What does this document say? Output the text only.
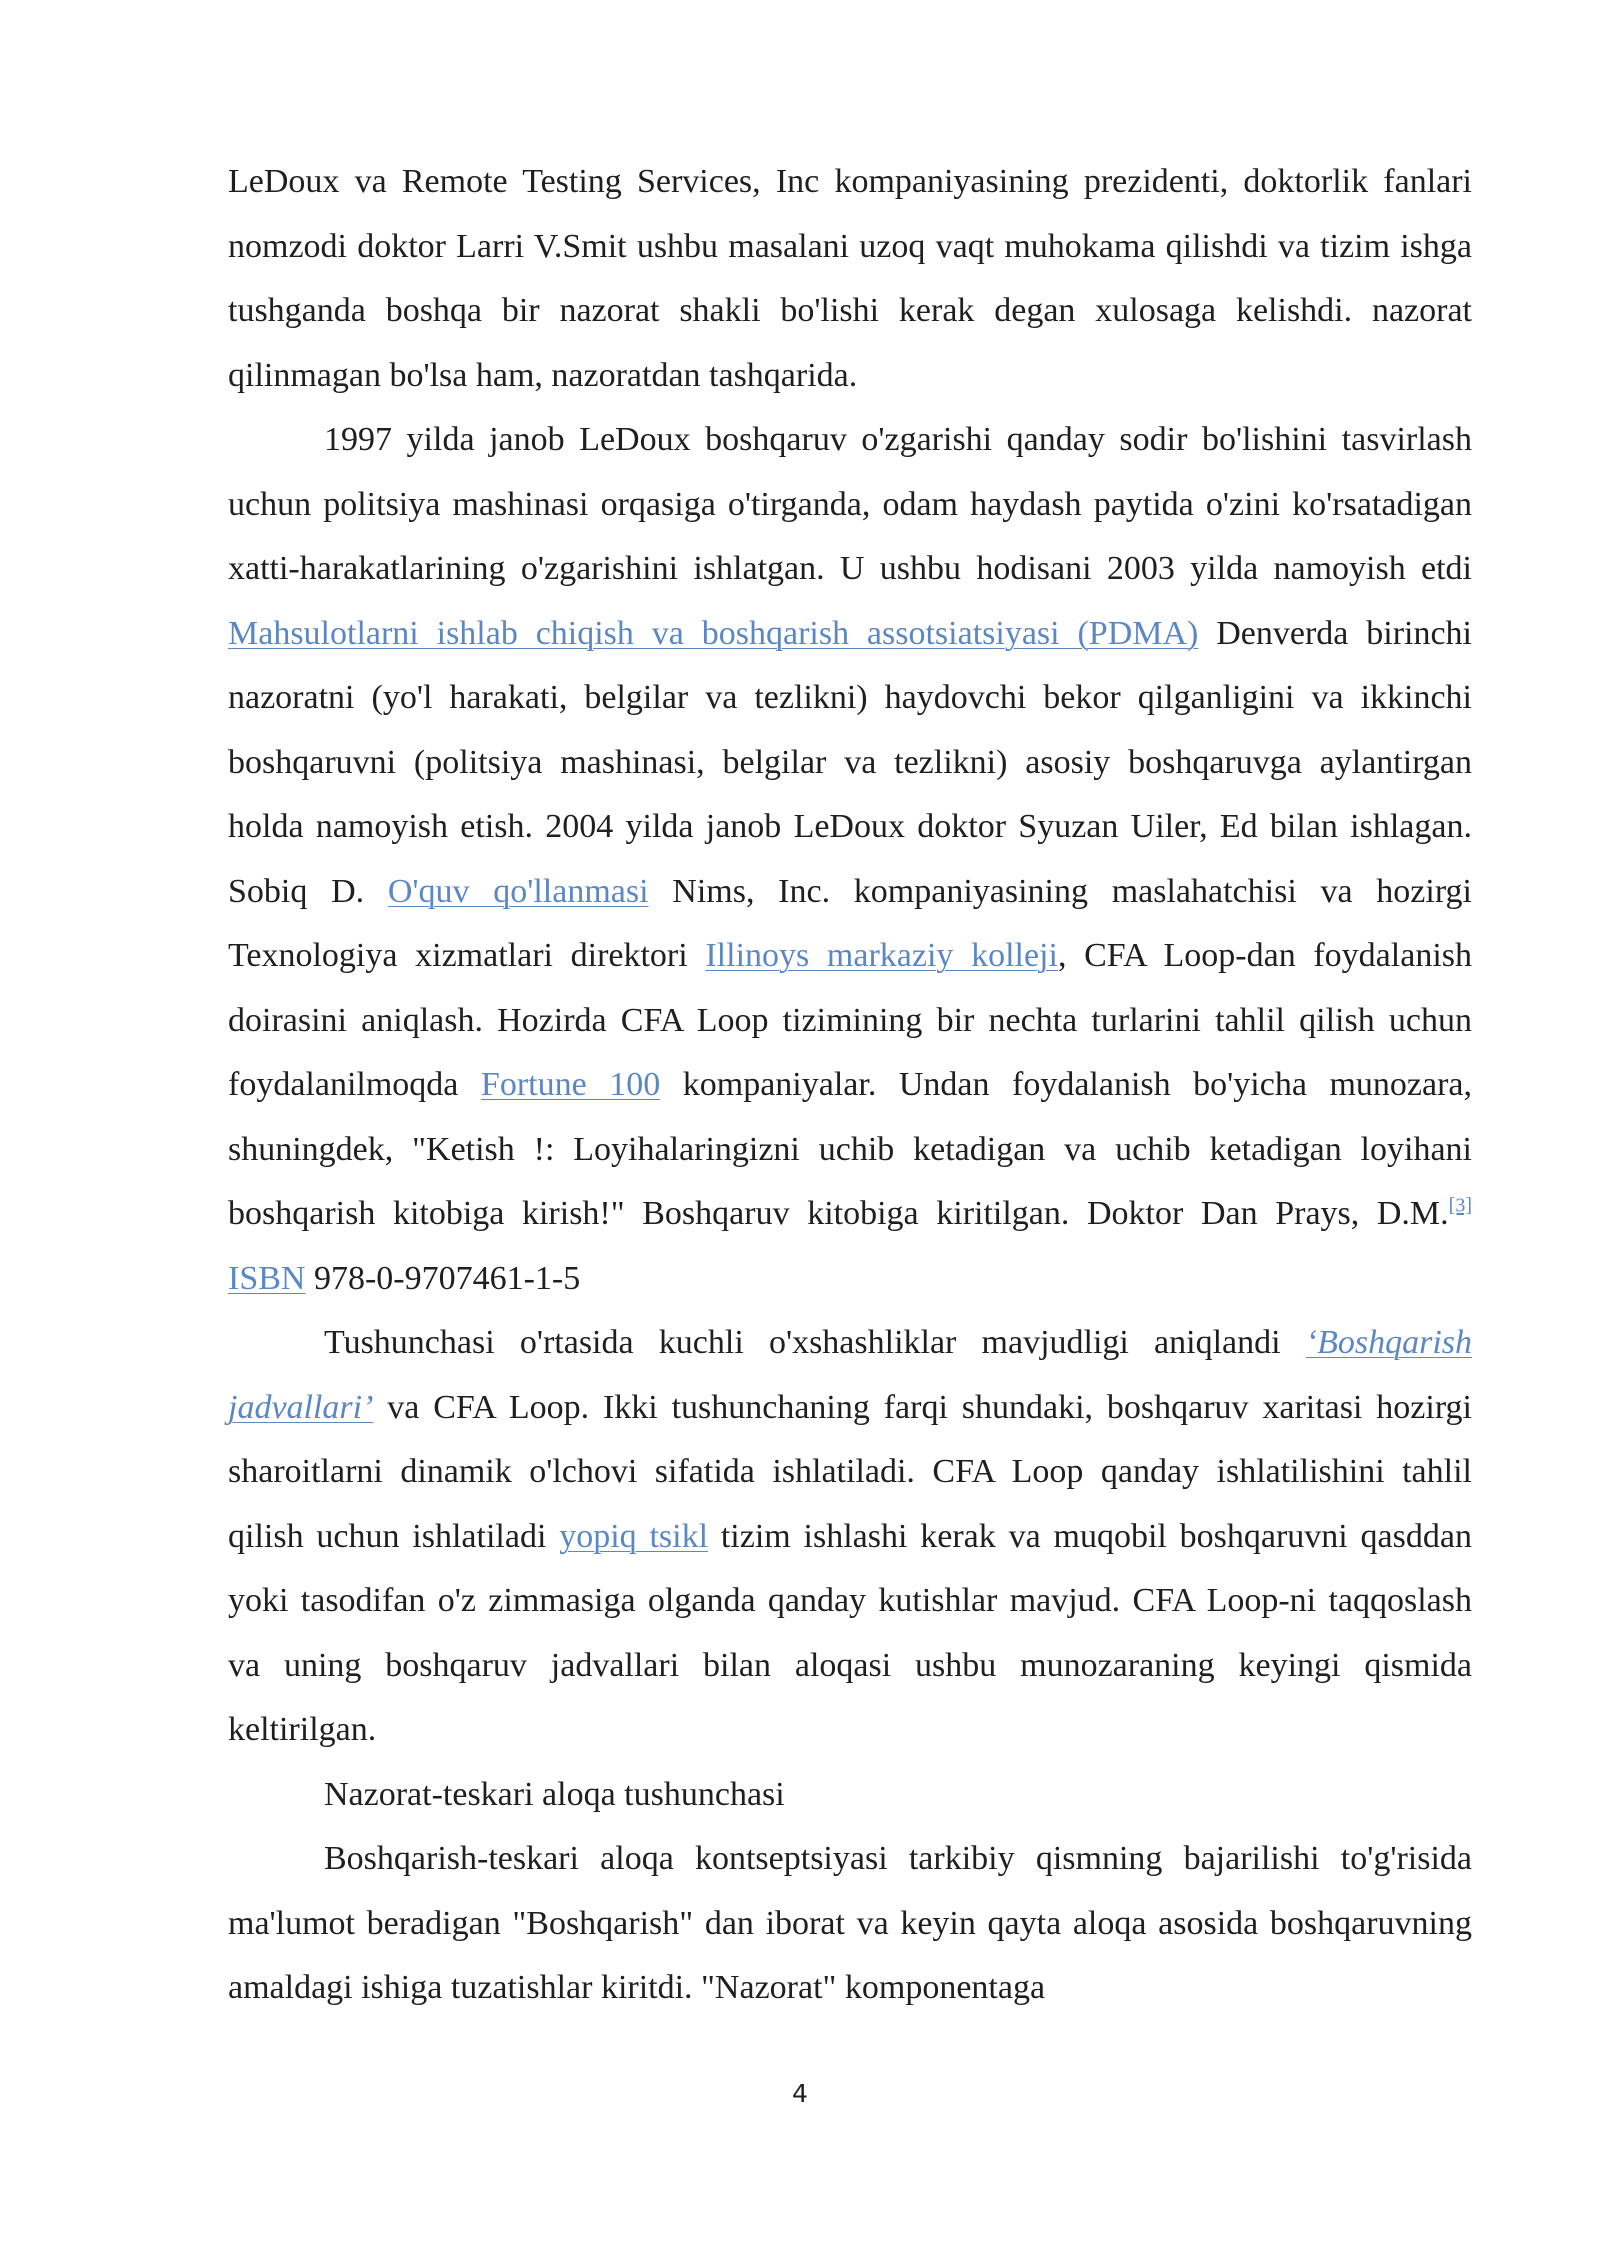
LeDoux va Remote Testing Services, Inc kompaniyasining prezidenti, doktorlik fanlari nomzodi doktor Larri V.Smit ushbu masalani uzoq vaqt muhokama qilishdi va tizim ishga tushganda boshqa bir nazorat shakli bo'lishi kerak degan xulosaga kelishdi. nazorat qilinmagan bo'lsa ham, nazoratdan tashqarida.

1997 yilda janob LeDoux boshqaruv o'zgarishi qanday sodir bo'lishini tasvirlash uchun politsiya mashinasi orqasiga o'tirganda, odam haydash paytida o'zini ko'rsatadigan xatti-harakatlarining o'zgarishini ishlatgan. U ushbu hodisani 2003 yilda namoyish etdi Mahsulotlarni ishlab chiqish va boshqarish assotsiatsiyasi (PDMA) Denverda birinchi nazoratni (yo'l harakati, belgilar va tezlikni) haydovchi bekor qilganligini va ikkinchi boshqaruvni (politsiya mashinasi, belgilar va tezlikni) asosiy boshqaruvga aylantirgan holda namoyish etish. 2004 yilda janob LeDoux doktor Syuzan Uiler, Ed bilan ishlagan. Sobiq D. O'quv qo'llanmasi Nims, Inc. kompaniyasining maslahatchisi va hozirgi Texnologiya xizmatlari direktori Illinoys markaziy kolleji, CFA Loop-dan foydalanish doirasini aniqlash. Hozirda CFA Loop tizimining bir nechta turlarini tahlil qilish uchun foydalanilmoqda Fortune 100 kompaniyalar. Undan foydalanish bo'yicha munozara, shuningdek, "Ketish !: Loyihalaringizni uchib ketadigan va uchib ketadigan loyihani boshqarish kitobiga kirish!" Boshqaruv kitobiga kiritilgan. Doktor Dan Prays, D.M.[3] ISBN 978-0-9707461-1-5

Tushunchasi o'rtasida kuchli o'xshashliklar mavjudligi aniqlandi ‘Boshqarish jadvallari’ va CFA Loop. Ikki tushunchaning farqi shundaki, boshqaruv xaritasi hozirgi sharoitlarni dinamik o'lchovi sifatida ishlatiladi. CFA Loop qanday ishlatilishini tahlil qilish uchun ishlatiladi yopiq tsikl tizim ishlashi kerak va muqobil boshqaruvni qasddan yoki tasodifan o'z zimmasiga olganda qanday kutishlar mavjud. CFA Loop-ni taqqoslash va uning boshqaruv jadvallari bilan aloqasi ushbu munozaraning keyingi qismida keltirilgan.

Nazorat-teskari aloqa tushunchasi

Boshqarish-teskari aloqa kontseptsiyasi tarkibiy qismning bajarilishi to'g'risida ma'lumot beradigan "Boshqarish" dan iborat va keyin qayta aloqa asosida boshqaruvning amaldagi ishiga tuzatishlar kiritdi. "Nazorat" komponentaga

4
